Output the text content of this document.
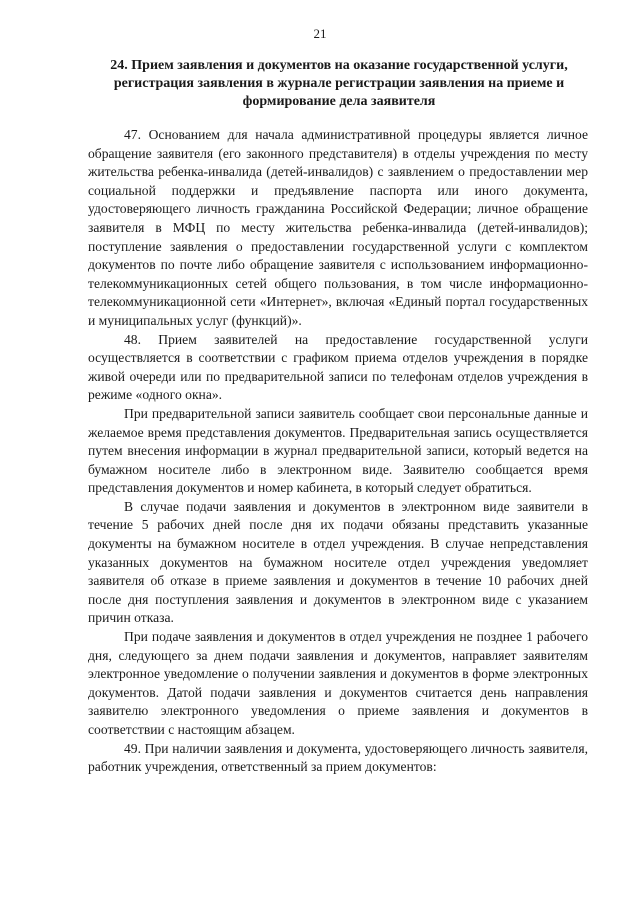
21
24. Прием заявления и документов на оказание государственной услуги,
регистрация заявления в журнале регистрации заявления на приеме и
формирование дела заявителя

47. Основанием для начала административной процедуры является личное обращение заявителя (его законного представителя) в отделы учреждения по месту жительства ребенка-инвалида (детей-инвалидов) с заявлением о предоставлении мер социальной поддержки и предъявление паспорта или иного документа, удостоверяющего личность гражданина Российской Федерации; личное обращение заявителя в МФЦ по месту жительства ребенка-инвалида (детей-инвалидов); поступление заявления о предоставлении государственной услуги с комплектом документов по почте либо обращение заявителя с использованием информационно-телекоммуникационных сетей общего пользования, в том числе информационно-телекоммуникационной сети «Интернет», включая «Единый портал государственных и муниципальных услуг (функций)».

48. Прием заявителей на предоставление государственной услуги осуществляется в соответствии с графиком приема отделов учреждения в порядке живой очереди или по предварительной записи по телефонам отделов учреждения в режиме «одного окна».

При предварительной записи заявитель сообщает свои персональные данные и желаемое время представления документов. Предварительная запись осуществляется путем внесения информации в журнал предварительной записи, который ведется на бумажном носителе либо в электронном виде. Заявителю сообщается время представления документов и номер кабинета, в который следует обратиться.

В случае подачи заявления и документов в электронном виде заявители в течение 5 рабочих дней после дня их подачи обязаны представить указанные документы на бумажном носителе в отдел учреждения. В случае непредставления указанных документов на бумажном носителе отдел учреждения уведомляет заявителя об отказе в приеме заявления и документов в течение 10 рабочих дней после дня поступления заявления и документов в электронном виде с указанием причин отказа.

При подаче заявления и документов в отдел учреждения не позднее 1 рабочего дня, следующего за днем подачи заявления и документов, направляет заявителям электронное уведомление о получении заявления и документов в форме электронных документов. Датой подачи заявления и документов считается день направления заявителю электронного уведомления о приеме заявления и документов в соответствии с настоящим абзацем.

49. При наличии заявления и документа, удостоверяющего личность заявителя, работник учреждения, ответственный за прием документов:
